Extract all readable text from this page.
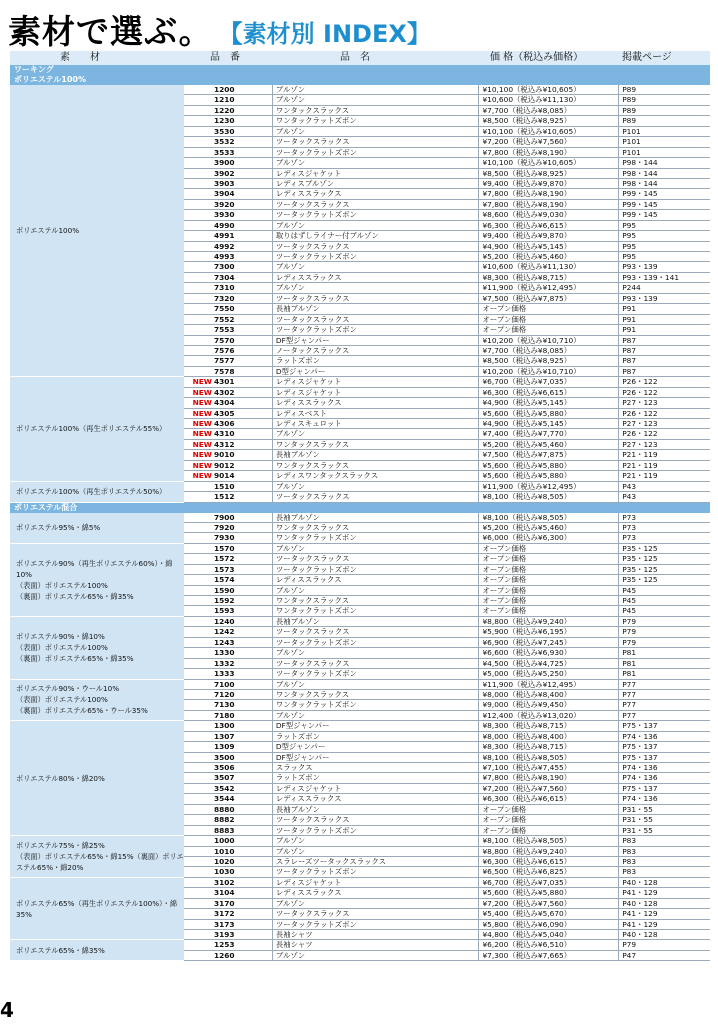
素材で選ぶ。 【素材別 INDEX】
素　　材	品　番	品　名	価 格（税込み価格）	掲載ページ
ワーキング
ポリエステル100%
ポリエステル100%
1200	ブルゾン	¥10,100（税込み¥10,605）	P89
1210	ブルゾン	¥10,600（税込み¥11,130）	P89
1220	ワンタックスラックス	¥7,700（税込み¥8,085）	P89
1230	ワンタックラットズボン	¥8,500（税込み¥8,925）	P89
3530	ブルゾン	¥10,100（税込み¥10,605）	P101
3532	ツータックスラックス	¥7,200（税込み¥7,560）	P101
3533	ツータックラットズボン	¥7,800（税込み¥8,190）	P101
3900	ブルゾン	¥10,100（税込み¥10,605）	P98・144
3902	レディスジャケット	¥8,500（税込み¥8,925）	P98・144
3903	レディスブルゾン	¥9,400（税込み¥9,870）	P98・144
3904	レディススラックス	¥7,800（税込み¥8,190）	P99・145
3920	ツータックスラックス	¥7,800（税込み¥8,190）	P99・145
3930	ツータックラットズボン	¥8,600（税込み¥9,030）	P99・145
4990	ブルゾン	¥6,300（税込み¥6,615）	P95
4991	取りはずしライナー付ブルゾン	¥9,400（税込み¥9,870）	P95
4992	ツータックスラックス	¥4,900（税込み¥5,145）	P95
4993	ツータックラットズボン	¥5,200（税込み¥5,460）	P95
7300	ブルゾン	¥10,600（税込み¥11,130）	P93・139
7304	レディススラックス	¥8,300（税込み¥8,715）	P93・139・141
7310	ブルゾン	¥11,900（税込み¥12,495）	P244
7320	ツータックスラックス	¥7,500（税込み¥7,875）	P93・139
7550	長袖ブルゾン	オープン価格	P91
7552	ツータックスラックス	オープン価格	P91
7553	ツータックラットズボン	オープン価格	P91
7570	DF型ジャンパー	¥10,200（税込み¥10,710）	P87
7576	ノータックスラックス	¥7,700（税込み¥8,085）	P87
7577	ラットズボン	¥8,500（税込み¥8,925）	P87
7578	D型ジャンパー	¥10,200（税込み¥10,710）	P87
ポリエステル100%（再生ポリエステル55%）
NEW 4301	レディスジャケット	¥6,700（税込み¥7,035）	P26・122
NEW 4302	レディスジャケット	¥6,300（税込み¥6,615）	P26・122
NEW 4304	レディススラックス	¥4,900（税込み¥5,145）	P27・123
NEW 4305	レディスベスト	¥5,600（税込み¥5,880）	P26・122
NEW 4306	レディスキュロット	¥4,900（税込み¥5,145）	P27・123
NEW 4310	ブルゾン	¥7,400（税込み¥7,770）	P26・122
NEW 4312	ワンタックスラックス	¥5,200（税込み¥5,460）	P27・123
NEW 9010	長袖ブルゾン	¥7,500（税込み¥7,875）	P21・119
NEW 9012	ワンタックスラックス	¥5,600（税込み¥5,880）	P21・119
NEW 9014	レディスワンタックスラックス	¥5,600（税込み¥5,880）	P21・119
ポリエステル100%（再生ポリエステル50%）
1510	ブルゾン	¥11,900（税込み¥12,495）	P43
1512	ツータックスラックス	¥8,100（税込み¥8,505）	P43
ポリエステル混合
ポリエステル95%・綿5%
7900	長袖ブルゾン	¥8,100（税込み¥8,505）	P73
7920	ワンタックスラックス	¥5,200（税込み¥5,460）	P73
7930	ワンタックラットズボン	¥6,000（税込み¥6,300）	P73
ポリエステル90%（再生ポリエステル60%）・綿10%
（表面）ポリエステル100%
（裏面）ポリエステル65%・綿35%
1570	ブルゾン	オープン価格	P35・125
1572	ツータックスラックス	オープン価格	P35・125
1573	ツータックラットズボン	オープン価格	P35・125
1574	レディススラックス	オープン価格	P35・125
1590	ブルゾン	オープン価格	P45
1592	ワンタックスラックス	オープン価格	P45
1593	ワンタックラットズボン	オープン価格	P45
ポリエステル90%・綿10%
（表面）ポリエステル100%
（裏面）ポリエステル65%・綿35%
1240	長袖ブルゾン	¥8,800（税込み¥9,240）	P79
1242	ツータックスラックス	¥5,900（税込み¥6,195）	P79
1243	ツータックラットズボン	¥6,900（税込み¥7,245）	P79
1330	ブルゾン	¥6,600（税込み¥6,930）	P81
1332	ツータックスラックス	¥4,500（税込み¥4,725）	P81
1333	ツータックラットズボン	¥5,000（税込み¥5,250）	P81
ポリエステル90%・ウール10%
（表面）ポリエステル100%
（裏面）ポリエステル65%・ウール35%
7100	ブルゾン	¥11,900（税込み¥12,495）	P77
7120	ワンタックスラックス	¥8,000（税込み¥8,400）	P77
7130	ワンタックラットズボン	¥9,000（税込み¥9,450）	P77
7180	ブルゾン	¥12,400（税込み¥13,020）	P77
ポリエステル80%・綿20%
1300	DF型ジャンパー	¥8,300（税込み¥8,715）	P75・137
1307	ラットズボン	¥8,000（税込み¥8,400）	P74・136
1309	D型ジャンパー	¥8,300（税込み¥8,715）	P75・137
3500	DF型ジャンパー	¥8,100（税込み¥8,505）	P75・137
3506	スラックス	¥7,100（税込み¥7,455）	P74・136
3507	ラットズボン	¥7,800（税込み¥8,190）	P74・136
3542	レディスジャケット	¥7,200（税込み¥7,560）	P75・137
3544	レディススラックス	¥6,300（税込み¥6,615）	P74・136
8880	長袖ブルゾン	オープン価格	P31・55
8882	ツータックスラックス	オープン価格	P31・55
8883	ツータックラットズボン	オープン価格	P31・55
ポリエステル75%・綿25%
（表面）ポリエステル65%・綿15%（裏面）ポリエステル65%・綿20%
1000	ブルゾン	¥8,100（税込み¥8,505）	P83
1010	ブルゾン	¥8,800（税込み¥9,240）	P83
1020	スラレーズツータックスラックス	¥6,300（税込み¥6,615）	P83
1030	ツータックラットズボン	¥6,500（税込み¥6,825）	P83
ポリエステル65%（再生ポリエステル100%）・綿35%
3102	レディスジャケット	¥6,700（税込み¥7,035）	P40・128
3104	レディススラックス	¥5,600（税込み¥5,880）	P41・129
3170	ブルゾン	¥7,200（税込み¥7,560）	P40・128
3172	ツータックスラックス	¥5,400（税込み¥5,670）	P41・129
3173	ツータックラットズボン	¥5,800（税込み¥6,090）	P41・129
3193	長袖シャツ	¥4,800（税込み¥5,040）	P40・128
ポリエステル65%・綿35%
1253	長袖シャツ	¥6,200（税込み¥6,510）	P79
1260	ブルゾン	¥7,300（税込み¥7,665）	P47
4
